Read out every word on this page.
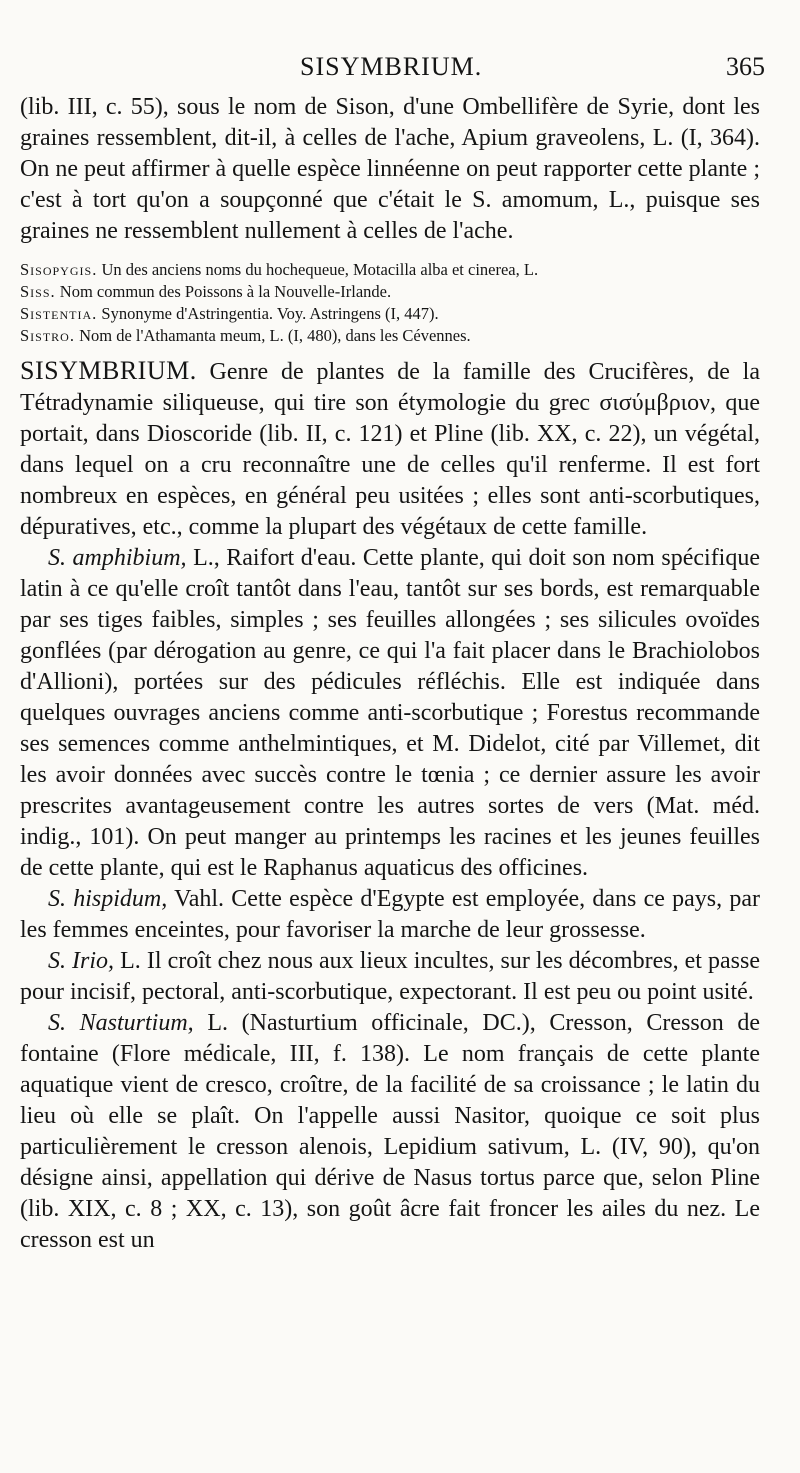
SISYMBRIUM.	365

(lib. III, c. 55), sous le nom de Sison, d'une Ombellifère de Syrie, dont les graines ressemblent, dit-il, à celles de l'ache, Apium graveolens, L. (I, 364). On ne peut affirmer à quelle espèce linnéenne on peut rapporter cette plante ; c'est à tort qu'on a soupçonné que c'était le S. amomum, L., puisque ses graines ne ressemblent nullement à celles de l'ache.

Sisopygis. Un des anciens noms du hochequeue, Motacilla alba et cinerea, L.

Siss. Nom commun des Poissons à la Nouvelle-Irlande.

Sistentia. Synonyme d'Astringentia. Voy. Astringens (I, 447).

Sistro. Nom de l'Athamanta meum, L. (I, 480), dans les Cévennes.

SISYMBRIUM. Genre de plantes de la famille des Crucifères, de la Tétradynamie siliqueuse, qui tire son étymologie du grec σισύμβριον, que portait, dans Dioscoride (lib. II, c. 121) et Pline (lib. XX, c. 22), un végétal, dans lequel on a cru reconnaître une de celles qu'il renferme. Il est fort nombreux en espèces, en général peu usitées ; elles sont anti-scorbutiques, dépuratives, etc., comme la plupart des végétaux de cette famille.

S. amphibium, L., Raifort d'eau. Cette plante, qui doit son nom spécifique latin à ce qu'elle croît tantôt dans l'eau, tantôt sur ses bords, est remarquable par ses tiges faibles, simples ; ses feuilles allongées ; ses silicules ovoïdes gonflées (par dérogation au genre, ce qui l'a fait placer dans le Brachiolobos d'Allioni), portées sur des pédicules réfléchis. Elle est indiquée dans quelques ouvrages anciens comme anti-scorbutique ; Forestus recommande ses semences comme anthelmintiques, et M. Didelot, cité par Villemet, dit les avoir données avec succès contre le tœnia ; ce dernier assure les avoir prescrites avantageusement contre les autres sortes de vers (Mat. méd. indig., 101). On peut manger au printemps les racines et les jeunes feuilles de cette plante, qui est le Raphanus aquaticus des officines.

S. hispidum, Vahl. Cette espèce d'Egypte est employée, dans ce pays, par les femmes enceintes, pour favoriser la marche de leur grossesse.

S. Irio, L. Il croît chez nous aux lieux incultes, sur les décombres, et passe pour incisif, pectoral, anti-scorbutique, expectorant. Il est peu ou point usité.

S. Nasturtium, L. (Nasturtium officinale, DC.), Cresson, Cresson de fontaine (Flore médicale, III, f. 138). Le nom français de cette plante aquatique vient de cresco, croître, de la facilité de sa croissance ; le latin du lieu où elle se plaît. On l'appelle aussi Nasitor, quoique ce soit plus particulièrement le cresson alenois, Lepidium sativum, L. (IV, 90), qu'on désigne ainsi, appellation qui dérive de Nasus tortus parce que, selon Pline (lib. XIX, c. 8 ; XX, c. 13), son goût âcre fait froncer les ailes du nez. Le cresson est un
